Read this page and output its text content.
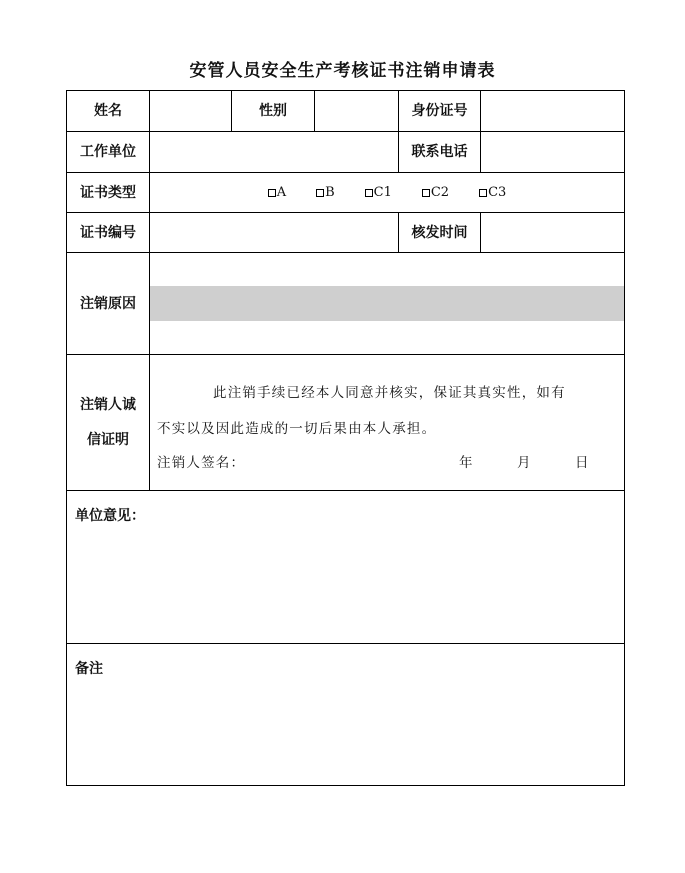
安管人员安全生产考核证书注销申请表
姓名	性别	身份证号
工作单位	联系电话
证书类型	A	B	C1	C2	C3
证书编号	核发时间
注销原因
注销人诚
信证明
此注销手续已经本人同意并核实，保证其真实性，如有
不实以及因此造成的一切后果由本人承担。
注销人签名：	年	月	日
单位意见：
备注
